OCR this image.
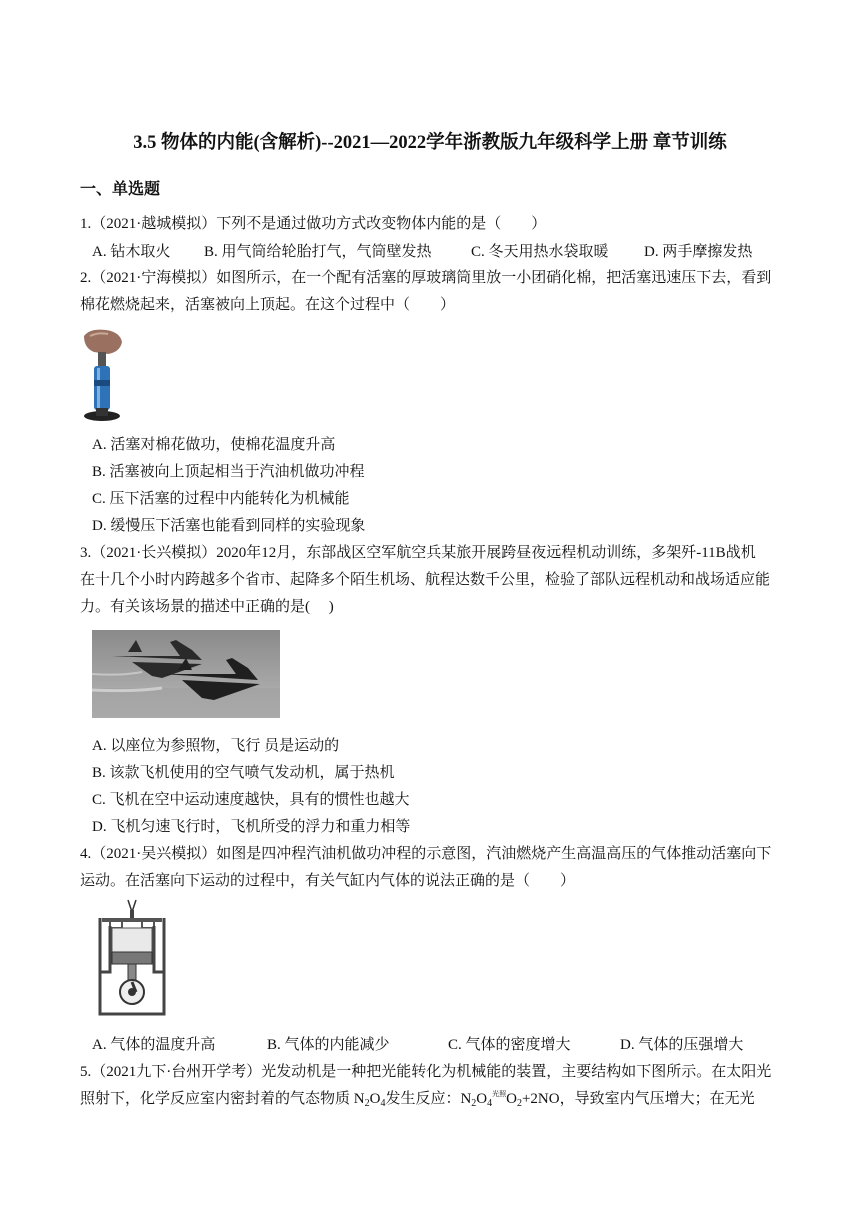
3.5 物体的内能(含解析)--2021—2022学年浙教版九年级科学上册 章节训练
一、单选题
1.（2021·越城模拟）下列不是通过做功方式改变物体内能的是（　　）
A. 钻木取火 B. 用气筒给轮胎打气，气筒壁发热	C. 冬天用热水袋取暖 D. 两手摩擦发热
2.（2021·宁海模拟）如图所示，在一个配有活塞的厚玻璃筒里放一小团硝化棉，把活塞迅速压下去，看到
棉花燃烧起来，活塞被向上顶起。在这个过程中（　　）
A. 活塞对棉花做功，使棉花温度升高
B. 活塞被向上顶起相当于汽油机做功冲程
C. 压下活塞的过程中内能转化为机械能
D. 缓慢压下活塞也能看到同样的实验现象
3.（2021·长兴模拟）2020年12月，东部战区空军航空兵某旅开展跨昼夜远程机动训练，多架歼-11B战机
在十几个小时内跨越多个省市、起降多个陌生机场、航程达数千公里，检验了部队远程机动和战场适应能
力。有关该场景的描述中正确的是(　 )
A. 以座位为参照物，飞行 员是运动的
B. 该款飞机使用的空气喷气发动机，属于热机
C. 飞机在空中运动速度越快，具有的惯性也越大
D. 飞机匀速飞行时，飞机所受的浮力和重力相等
4.（2021·吴兴模拟）如图是四冲程汽油机做功冲程的示意图，汽油燃烧产生高温高压的气体推动活塞向下
运动。在活塞向下运动的过程中，有关气缸内气体的说法正确的是（　　）
A. 气体的温度升高	B. 气体的内能减少	C. 气体的密度增大	D. 气体的压强增大
5.（2021九下·台州开学考）光发动机是一种把光能转化为机械能的装置，主要结构如下图所示。在太阳光
照射下，化学反应室内密封着的气态物质 $N_2O_4$发生反应：$N_2O_4^{光照}O_2+2NO$，导致室内气压增大；在无光
